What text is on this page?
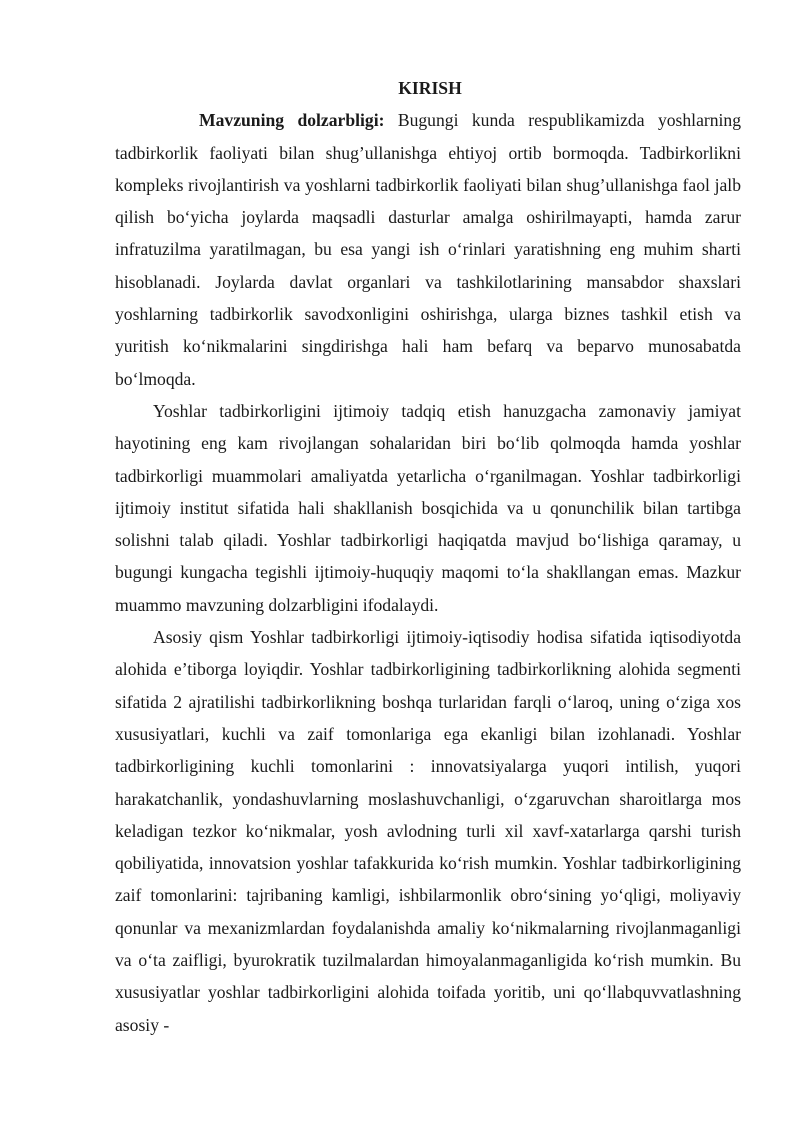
KIRISH

Mavzuning dolzarbligi: Bugungi kunda respublikamizda yoshlarning tadbirkorlik faoliyati bilan shug’ullanishga ehtiyoj ortib bormoqda. Tadbirkorlikni kompleks rivojlantirish va yoshlarni tadbirkorlik faoliyati bilan shug’ullanishga faol jalb qilish bo‘yicha joylarda maqsadli dasturlar amalga oshirilmayapti, hamda zarur infratuzilma yaratilmagan, bu esa yangi ish o‘rinlari yaratishning eng muhim sharti hisoblanadi. Joylarda davlat organlari va tashkilotlarining mansabdor shaxslari yoshlarning tadbirkorlik savodxonligini oshirishga, ularga biznes tashkil etish va yuritish ko‘nikmalarini singdirishga hali ham befarq va beparvo munosabatda bo‘lmoqda.

Yoshlar tadbirkorligini ijtimoiy tadqiq etish hanuzgacha zamonaviy jamiyat hayotining eng kam rivojlangan sohalaridan biri bo‘lib qolmoqda hamda yoshlar tadbirkorligi muammolari amaliyatda yetarlicha o‘rganilmagan. Yoshlar tadbirkorligi ijtimoiy institut sifatida hali shakllanish bosqichida va u qonunchilik bilan tartibga solishni talab qiladi. Yoshlar tadbirkorligi haqiqatda mavjud bo‘lishiga qaramay, u bugungi kungacha tegishli ijtimoiy-huquqiy maqomi to‘la shakllangan emas. Mazkur muammo mavzuning dolzarbligini ifodalaydi.

Asosiy qism Yoshlar tadbirkorligi ijtimoiy-iqtisodiy hodisa sifatida iqtisodiyotda alohida e’tiborga loyiqdir. Yoshlar tadbirkorligining tadbirkorlikning alohida segmenti sifatida 2 ajratilishi tadbirkorlikning boshqa turlaridan farqli o‘laroq, uning o‘ziga xos xususiyatlari, kuchli va zaif tomonlariga ega ekanligi bilan izohlanadi. Yoshlar tadbirkorligining kuchli tomonlarini : innovatsiyalarga yuqori intilish, yuqori harakatchanlik, yondashuvlarning moslashuvchanligi, o‘zgaruvchan sharoitlarga mos keladigan tezkor ko‘nikmalar, yosh avlodning turli xil xavf-xatarlarga qarshi turish qobiliyatida, innovatsion yoshlar tafakkurida ko‘rish mumkin. Yoshlar tadbirkorligining zaif tomonlarini: tajribaning kamligi, ishbilarmonlik obro‘sining yo‘qligi, moliyaviy qonunlar va mexanizmlardan foydalanishda amaliy ko‘nikmalarning rivojlanmaganligi va o‘ta zaifligi, byurokratik tuzilmalardan himoyalanmaganligida ko‘rish mumkin. Bu xususiyatlar yoshlar tadbirkorligini alohida toifada yoritib, uni qo‘llabquvvatlashning asosiy -
